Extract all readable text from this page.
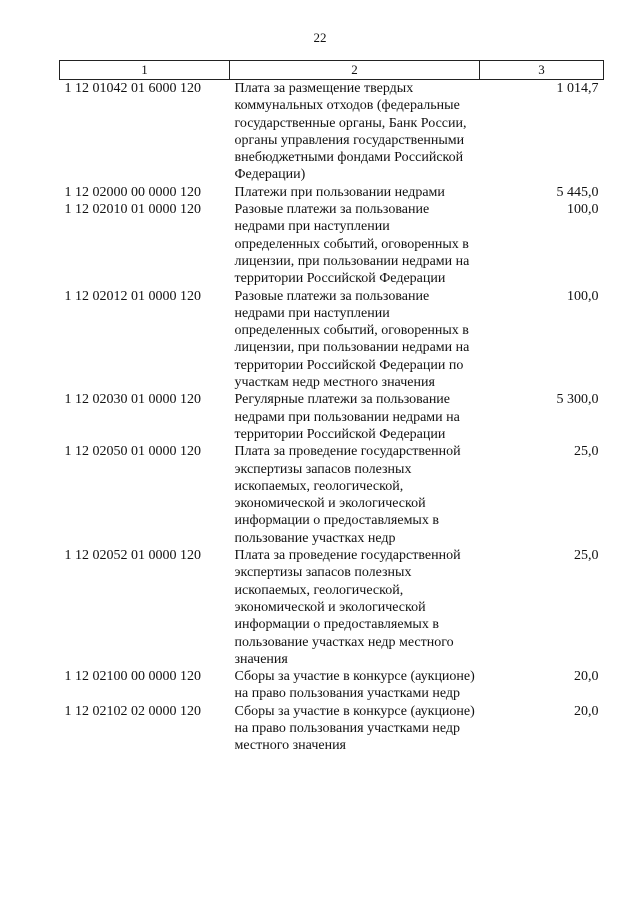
22
1	2	3
1 12 01042 01 6000 120	Плата за размещение твердых коммунальных отходов (федеральные государственные органы, Банк России, органы управления государственными внебюджетными фондами Российской Федерации)	1 014,7
1 12 02000 00 0000 120	Платежи при пользовании недрами	5 445,0
1 12 02010 01 0000 120	Разовые платежи за пользование недрами при наступлении определенных событий, оговоренных в лицензии, при пользовании недрами на территории Российской Федерации	100,0
1 12 02012 01 0000 120	Разовые платежи за пользование недрами при наступлении определенных событий, оговоренных в лицензии, при пользовании недрами на территории Российской Федерации по участкам недр местного значения	100,0
1 12 02030 01 0000 120	Регулярные платежи за пользование недрами при пользовании недрами на территории Российской Федерации	5 300,0
1 12 02050 01 0000 120	Плата за проведение государственной экспертизы запасов полезных ископаемых, геологической, экономической и экологической информации о предоставляемых в пользование участках недр	25,0
1 12 02052 01 0000 120	Плата за проведение государственной экспертизы запасов полезных ископаемых, геологической, экономической и экологической информации о предоставляемых в пользование участках недр местного значения	25,0
1 12 02100 00 0000 120	Сборы за участие в конкурсе (аукционе) на право пользования участками недр	20,0
1 12 02102 02 0000 120	Сборы за участие в конкурсе (аукционе) на право пользования участками недр местного значения	20,0
